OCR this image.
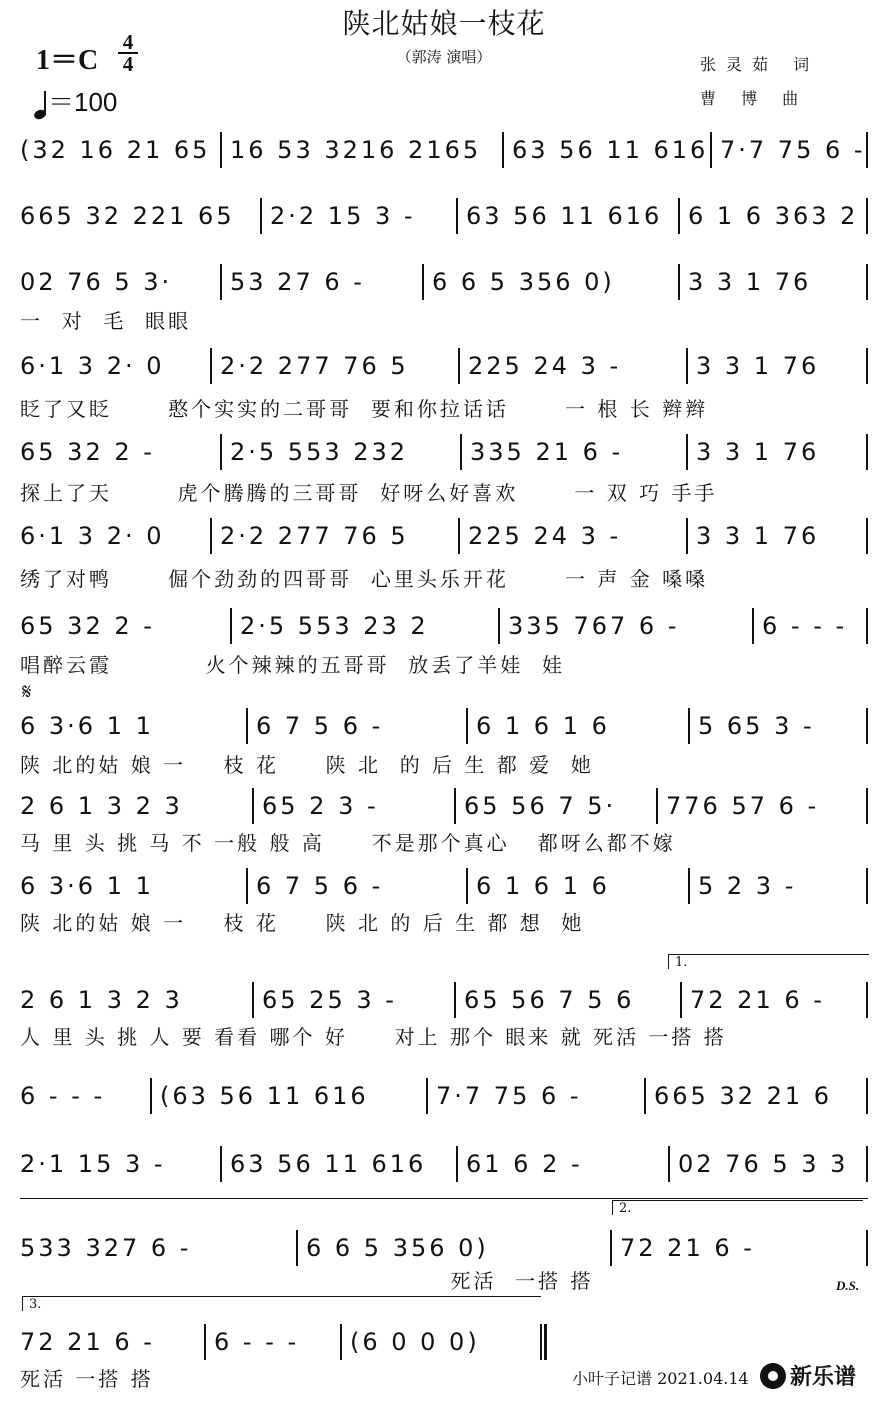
陕北姑娘一枝花
（郭涛 演唱）
1＝C
4
4
＝100
张灵茹 词
曹 博 曲
(32 16 21 65 16 53 3216 2165 63 56 11 616 7·7 75 6 -
665 32 221 65 2·2 15 3 - 63 56 11 616 6 1 6 363 2
02 76 5 3· 53 27 6 -	6 6 5 356 0)	3 3 1 76
一  对  毛  眼眼
6·1 3 2· 0 2·2 277 76 5 225 24 3 -	3 3 1 76
眨了又眨      憨个实实的二哥哥  要和你拉话话      一 根 长 辫辫
65 32 2 -	2·5 553 232	335 21 6 -	3 3 1 76
探上了天       虎个腾腾的三哥哥  好呀么好喜欢      一 双 巧 手手
6·1 3 2· 0 2·2 277 76 5 225 24 3 -	3 3 1 76
绣了对鸭      倔个劲劲的四哥哥  心里头乐开花      一 声 金 嗓嗓
65 32 2 -	2·5 553 23 2	335 767 6 -	6 - - -
唱醉云霞          火个辣辣的五哥哥  放丢了羊娃  娃
6 3·6 1 1	6 7 5 6 -	6 1 6 1 6	5 65 3 -
陕 北的姑 娘 一    枝 花     陕 北  的 后 生 都 爱  她
2 6 1 3 2 3	65 2 3 -	65 56 7 5· 776 57 6 -
马 里 头 挑 马 不 一般 般 高     不是那个真心   都呀么都不嫁
6 3·6 1 1	6 7 5 6 -	6 1 6 1 6	5 2 3 -
陕 北的姑 娘 一    枝 花     陕 北 的 后 生 都 想  她
2 6 1 3 2 3	65 25 3 -	65 56 7 5 6 72 21 6 -
人 里 头 挑 人 要 看看 哪个 好     对上 那个 眼来 就 死活 一搭 搭
6 - - - (63 56 11 616	7·7 75 6 -	665 32 21 6
2·1 15 3 -	63 56 11 616 61 6 2 -	02 76 5 3 3
533 327 6 -	6 6 5 356 0)	72 21 6 -
死活  一搭 搭
72 21 6 - 6 - - - (6 0 0 0)
死活 一搭 搭
1.
2.
3.
𝄋
D.S.
小叶子记谱 2021.04.14 新乐谱
